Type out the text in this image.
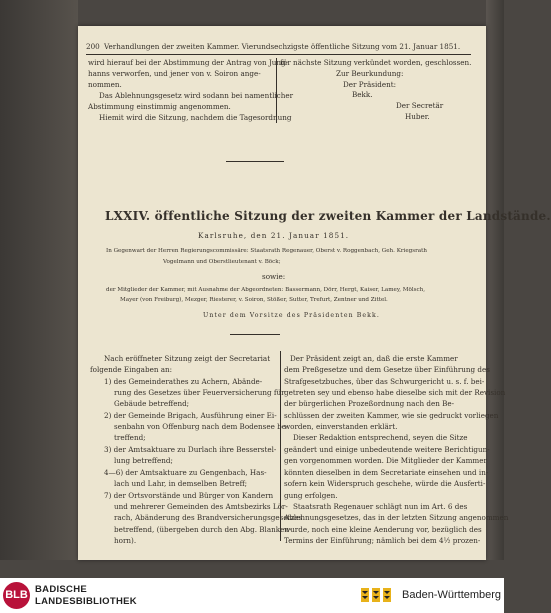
200 Verhandlungen der zweiten Kammer. Vierundsechzigste öffentliche Sitzung vom 21. Januar 1851.
wird hierauf bei der Abstimmung der Antrag von Jung-
hanns verworfen, und jener von v. Soiron ange-
nommen.
Das Ablehnungsgesetz wird sodann bei namentlicher
Abstimmung einstimmig angenommen.
Hiemit wird die Sitzung, nachdem die Tagesordnung
für nächste Sitzung verkündet worden, geschlossen.
Zur Beurkundung:
Der Präsident:
Bekk.
Der Secretär
Huber.
LXXIV. öffentliche Sitzung der zweiten Kammer der Landstände.
Karlsruhe, den 21. Januar 1851.
In Gegenwart der Herren Regierungscommissäre: Staatsrath Regenauer, Oberst v. Roggenbach, Geh. Kriegsrath
Vogelmann und Oberstlieutenant v. Böck;
sowie:
der Mitglieder der Kammer, mit Ausnahme der Abgeordneten: Bassermann, Dörr, Hergt, Kaiser, Lamey, Mölsch,
Mayer (von Freiburg), Mezger, Riesterer, v. Soiron, Stößer, Sutter, Trefurt, Zentner und Zittel.
Unter dem Vorsitze des Präsidenten Bekk.
Nach eröffneter Sitzung zeigt der Secretariat
folgende Eingaben an:
1) des Gemeinderathes zu Achern, Abände-
rung des Gesetzes über Feuerversicherung für
Gebäude betreffend;
2) der Gemeinde Brigach, Ausführung einer Ei-
senbahn von Offenburg nach dem Bodensee be-
treffend;
3) der Amtsaktuare zu Durlach ihre Besserstel-
lung betreffend;
4—6) der Amtsaktuare zu Gengenbach, Has-
lach und Lahr, in demselben Betreff;
7) der Ortsvorstände und Bürger von Kandern
und mehrerer Gemeinden des Amtsbezirks Lör-
rach, Abänderung des Brandversicherungsgesetzes
betreffend, (übergeben durch den Abg. Blanken-
horn).
Der Präsident zeigt an, daß die erste Kammer
dem Preßgesetze und dem Gesetze über Einführung des
Strafgesetzbuches, über das Schwurgericht u. s. f. bei-
getreten sey und ebenso habe dieselbe sich mit der Revision
der bürgerlichen Prozeßordnung nach den Be-
schlüssen der zweiten Kammer, wie sie gedruckt vorliegen
worden, einverstanden erklärt.
Dieser Redaktion entsprechend, seyen die Sitze
geändert und einige unbedeutende weitere Berichtigun-
gen vorgenommen worden. Die Mitglieder der Kammer
könnten dieselben in dem Secretariate einsehen und in-
sofern kein Widerspruch geschehe, würde die Ausferti-
gung erfolgen.
Staatsrath Regenauer schlägt nun im Art. 6 des
Ablehnungsgesetzes, das in der letzten Sitzung angenommen
wurde, noch eine kleine Aenderung vor, bezüglich des
Termins der Einführung; nämlich bei dem 4½ prozen-
BLB BADISCHE
LANDESBIBLIOTHEK	Baden-Württemberg
